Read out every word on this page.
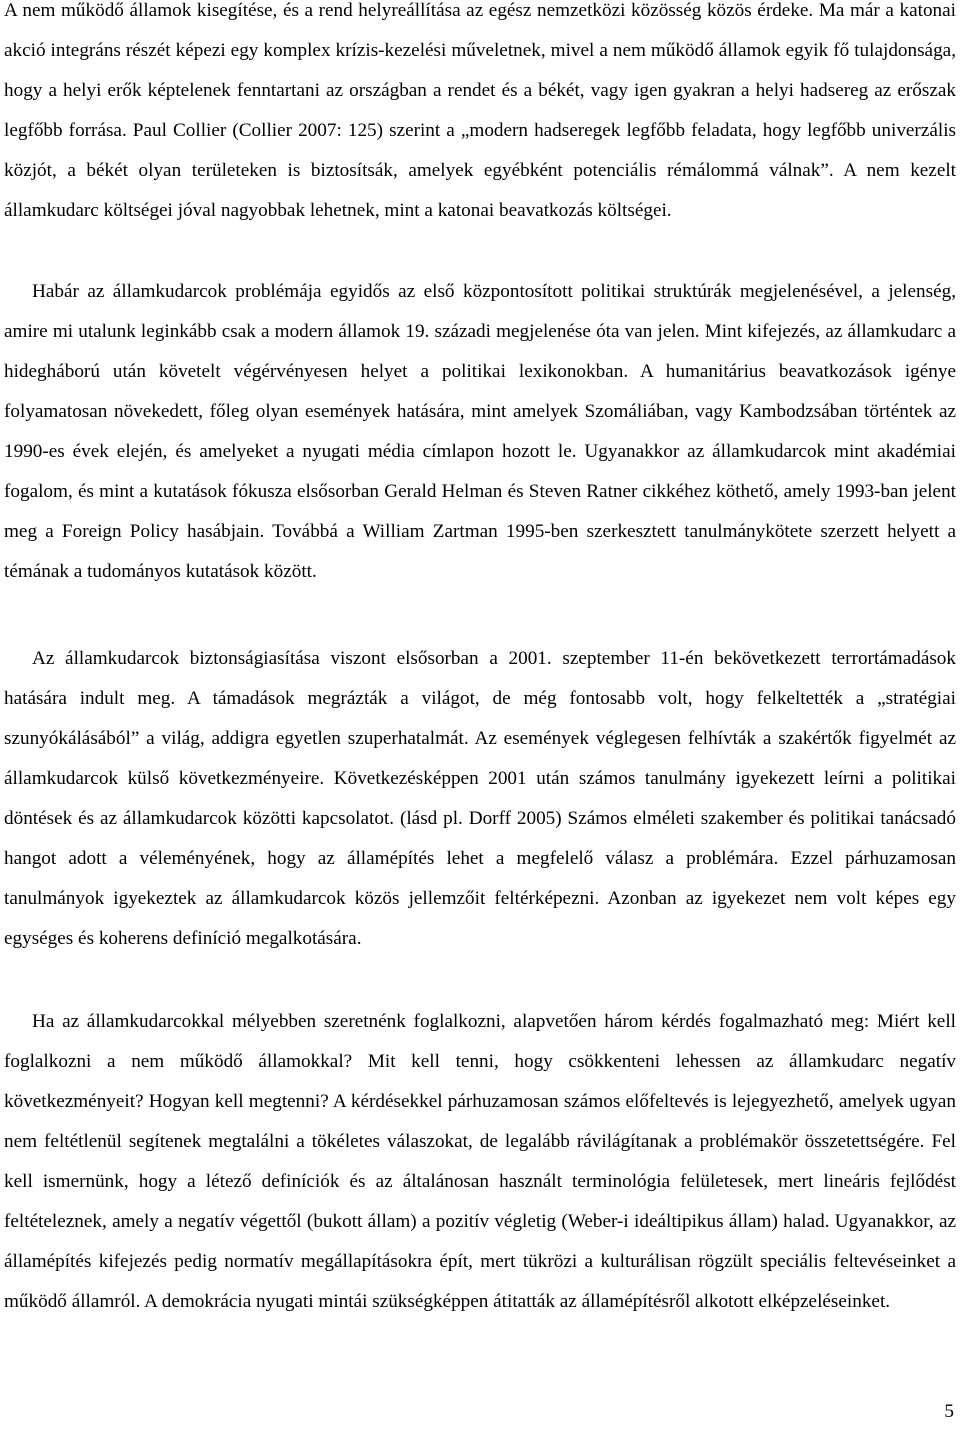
A nem működő államok kisegítése, és a rend helyreállítása az egész nemzetközi közösség közös érdeke. Ma már a katonai akció integráns részét képezi egy komplex krízis-kezelési műveletnek, mivel a nem működő államok egyik fő tulajdonsága, hogy a helyi erők képtelenek fenntartani az országban a rendet és a békét, vagy igen gyakran a helyi hadsereg az erőszak legfőbb forrása. Paul Collier (Collier 2007: 125) szerint a „modern hadseregek legfőbb feladata, hogy legfőbb univerzális közjót, a békét olyan területeken is biztosítsák, amelyek egyébként potenciális rémálommá válnak”. A nem kezelt államkudarc költségei jóval nagyobbak lehetnek, mint a katonai beavatkozás költségei.

Habár az államkudarcok problémája egyidős az első központosított politikai struktúrák megjelenésével, a jelenség, amire mi utalunk leginkább csak a modern államok 19. századi megjelenése óta van jelen. Mint kifejezés, az államkudarc a hidegháború után követelt végérvényesen helyet a politikai lexikonokban. A humanitárius beavatkozások igénye folyamatosan növekedett, főleg olyan események hatására, mint amelyek Szomáliában, vagy Kambodzsában történtek az 1990-es évek elején, és amelyeket a nyugati média címlapon hozott le. Ugyanakkor az államkudarcok mint akadémiai fogalom, és mint a kutatások fókusza elsősorban Gerald Helman és Steven Ratner cikkéhez köthető, amely 1993-ban jelent meg a Foreign Policy hasábjain. Továbbá a William Zartman 1995-ben szerkesztett tanulmánykötete szerzett helyett a témának a tudományos kutatások között.

Az államkudarcok biztonságiasítása viszont elsősorban a 2001. szeptember 11-én bekövetkezett terrortámadások hatására indult meg. A támadások megrázták a világot, de még fontosabb volt, hogy felkeltették a „stratégiai szunyókálásából” a világ, addigra egyetlen szuperhatalmát. Az események véglegesen felhívták a szakértők figyelmét az államkudarcok külső következményeire. Következésképpen 2001 után számos tanulmány igyekezett leírni a politikai döntések és az államkudarcok közötti kapcsolatot. (lásd pl. Dorff 2005) Számos elméleti szakember és politikai tanácsadó hangot adott a véleményének, hogy az államépítés lehet a megfelelő válasz a problémára. Ezzel párhuzamosan tanulmányok igyekeztek az államkudarcok közös jellemzőit feltérképezni. Azonban az igyekezet nem volt képes egy egységes és koherens definíció megalkotására.

Ha az államkudarcokkal mélyebben szeretnénk foglalkozni, alapvetően három kérdés fogalmazható meg: Miért kell foglalkozni a nem működő államokkal? Mit kell tenni, hogy csökkenteni lehessen az államkudarc negatív következményeit? Hogyan kell megtenni? A kérdésekkel párhuzamosan számos előfeltevés is lejegyezhető, amelyek ugyan nem feltétlenül segítenek megtalálni a tökéletes válaszokat, de legalább rávilágítanak a problémakör összetettségére. Fel kell ismernünk, hogy a létező definíciók és az általánosan használt terminológia felületesek, mert lineáris fejlődést feltételeznek, amely a negatív végettől (bukott állam) a pozitív végletig (Weber-i ideáltipikus állam) halad. Ugyanakkor, az államépítés kifejezés pedig normatív megállapításokra épít, mert tükrözi a kulturálisan rögzült speciális feltevéseinket a működő államról. A demokrácia nyugati mintái szükségképpen átitatták az államépítésről alkotott elképzeléseinket.

5
